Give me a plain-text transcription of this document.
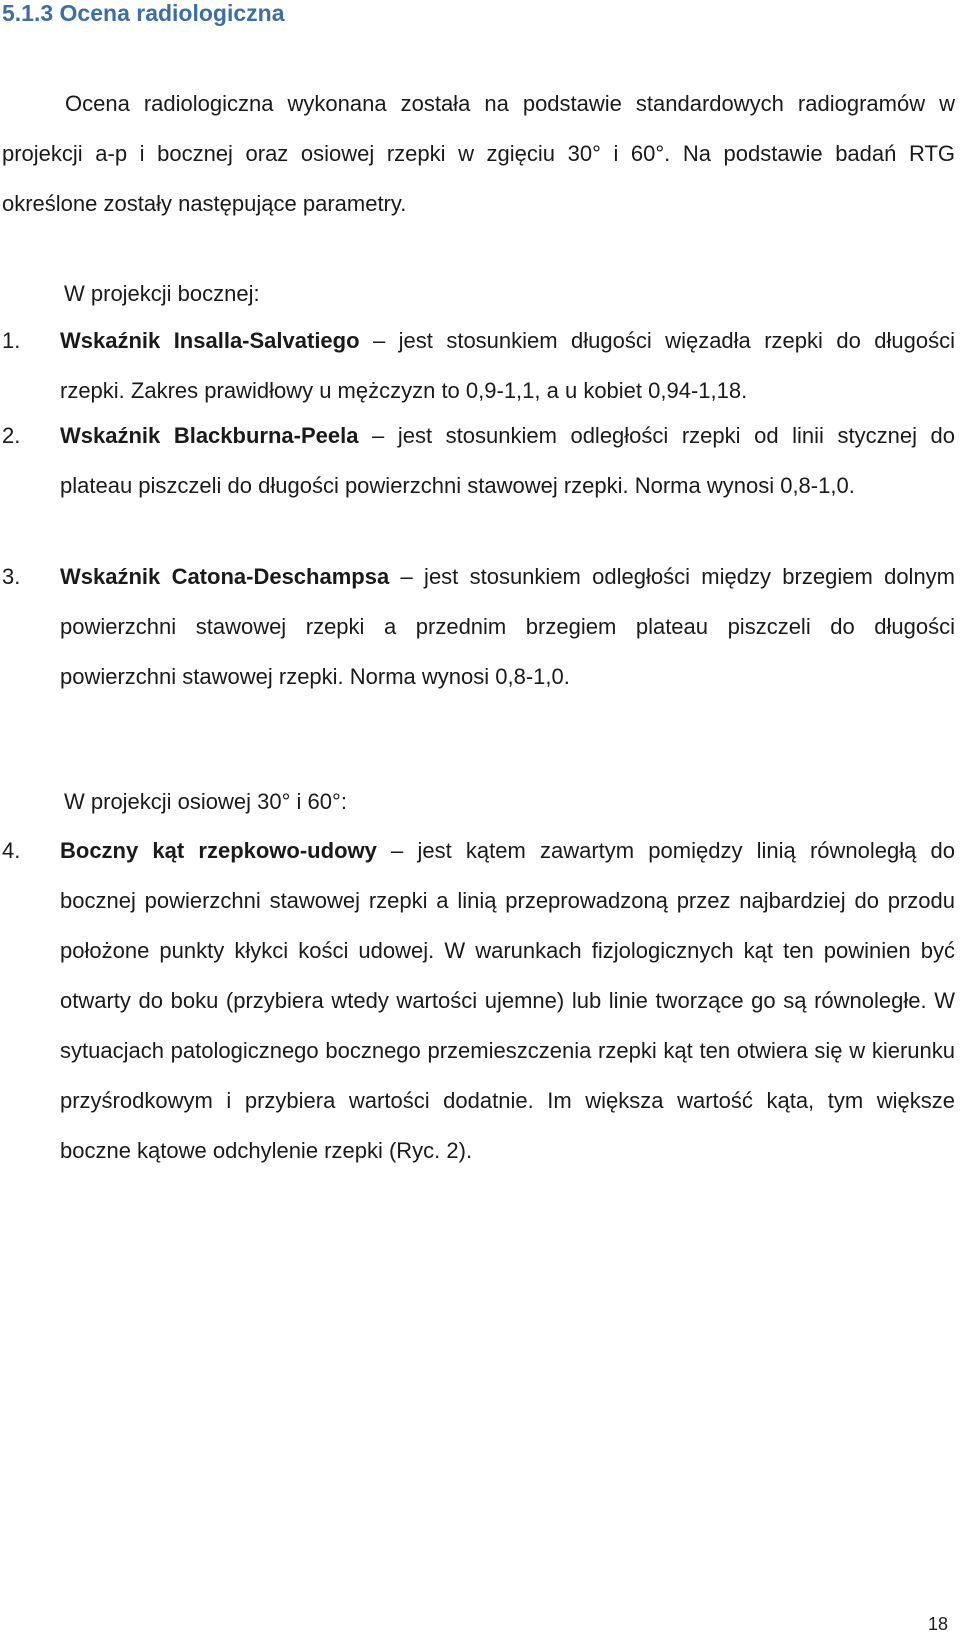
5.1.3 Ocena radiologiczna

Ocena radiologiczna wykonana została na podstawie standardowych radiogramów w projekcji a-p i bocznej oraz osiowej rzepki w zgięciu 30° i 60°. Na podstawie badań RTG określone zostały następujące parametry.

W projekcji bocznej:
1.	Wskaźnik Insalla-Salvatiego – jest stosunkiem długości więzadła rzepki do długości rzepki. Zakres prawidłowy u mężczyzn to 0,9-1,1, a u kobiet 0,94-1,18.

2.	Wskaźnik Blackburna-Peela – jest stosunkiem odległości rzepki od linii stycznej do plateau piszczeli do długości powierzchni stawowej rzepki. Norma wynosi 0,8-1,0.

3.	Wskaźnik Catona-Deschampsa – jest stosunkiem odległości między brzegiem dolnym powierzchni stawowej rzepki a przednim brzegiem plateau piszczeli do długości powierzchni stawowej rzepki. Norma wynosi 0,8-1,0.

W projekcji osiowej 30° i 60°:
4.	Boczny kąt rzepkowo-udowy – jest kątem zawartym pomiędzy linią równoległą do bocznej powierzchni stawowej rzepki a linią przeprowadzoną przez najbardziej do przodu położone punkty kłykci kości udowej. W warunkach fizjologicznych kąt ten powinien być otwarty do boku (przybiera wtedy wartości ujemne) lub linie tworzące go są równoległe. W sytuacjach patologicznego bocznego przemieszczenia rzepki kąt ten otwiera się w kierunku przyśrodkowym i przybiera wartości dodatnie. Im większa wartość kąta, tym większe boczne kątowe odchylenie rzepki (Ryc. 2).

18
